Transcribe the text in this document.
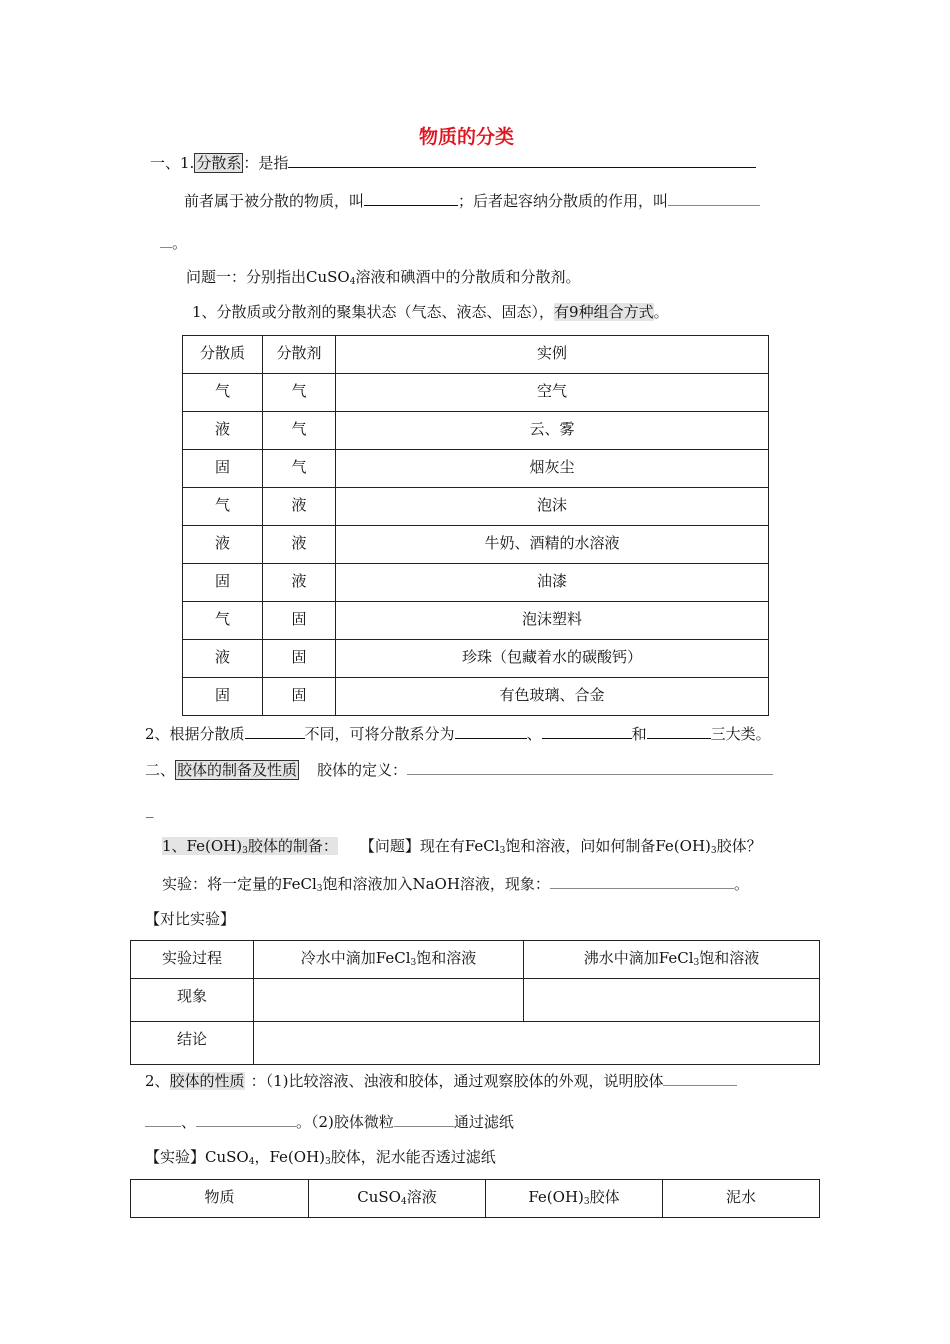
物质的分类
一、1. 分散系 ：是指
前者属于被分散的物质，叫	；后者起容纳分散质的作用，叫
。
问题一：分别指出CuSO$_4$溶液和碘酒中的分散质和分散剂。
1、分散质或分散剂的聚集状态（气态、液态、固态），有9种组合方式。
分散质	分散剂	实例
气	气	空气
液	气	云、雾
固	气	烟灰尘
气	液	泡沫
液	液	牛奶、酒精的水溶液
固	液	油漆
气	固	泡沫塑料
液	固	珍珠（包藏着水的碳酸钙）
固	固	有色玻璃、合金
2、根据分散质	不同，可将分散系分为	、	和	三大类。
二、 胶体的制备及性质 胶体的定义：
_
1、$Fe(OH)_3$胶体的制备： 【问题】现在有FeCl$_3$饱和溶液，问如何制备$Fe(OH)_3$胶体？
实验：将一定量的FeCl$_3$饱和溶液加入NaOH溶液，现象：	。
【对比实验】
实验过程	冷水中滴加FeCl$_3$饱和溶液	沸水中滴加FeCl$_3$饱和溶液
现象		
结论		
2、胶体的性质 ：（1)比较溶液、浊液和胶体，通过观察胶体的外观，说明胶体
、	。（2)胶体微粒	通过滤纸
【实验】CuSO$_4$，$Fe(OH)_3$胶体，泥水能否透过滤纸
物质	CuSO$_4$溶液	$Fe(OH)_3$胶体	泥水
